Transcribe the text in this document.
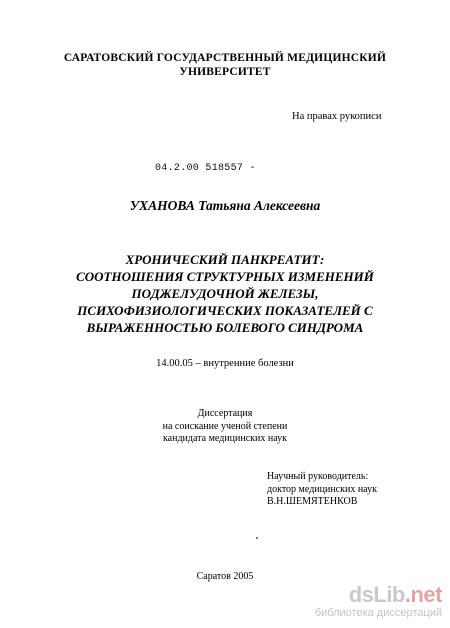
САРАТОВСКИЙ ГОСУДАРСТВЕННЫЙ МЕДИЦИНСКИЙ
УНИВЕРСИТЕТ
На правах рукописи
04.2.00 518557 -
УХАНОВА Татьяна Алексеевна
ХРОНИЧЕСКИЙ ПАНКРЕАТИТ:
СООТНОШЕНИЯ СТРУКТУРНЫХ ИЗМЕНЕНИЙ
ПОДЖЕЛУДОЧНОЙ ЖЕЛЕЗЫ,
ПСИХОФИЗИОЛОГИЧЕСКИХ ПОКАЗАТЕЛЕЙ С
ВЫРАЖЕННОСТЬЮ БОЛЕВОГО СИНДРОМА
14.00.05 – внутренние болезни
Диссертация
на соискание ученой степени
кандидата медицинских наук
Научный руководитель:
доктор медицинских наук
В.Н.ШЕМЯТЕНКОВ
Саратов 2005
dsLib.net
библиотека диссертаций
